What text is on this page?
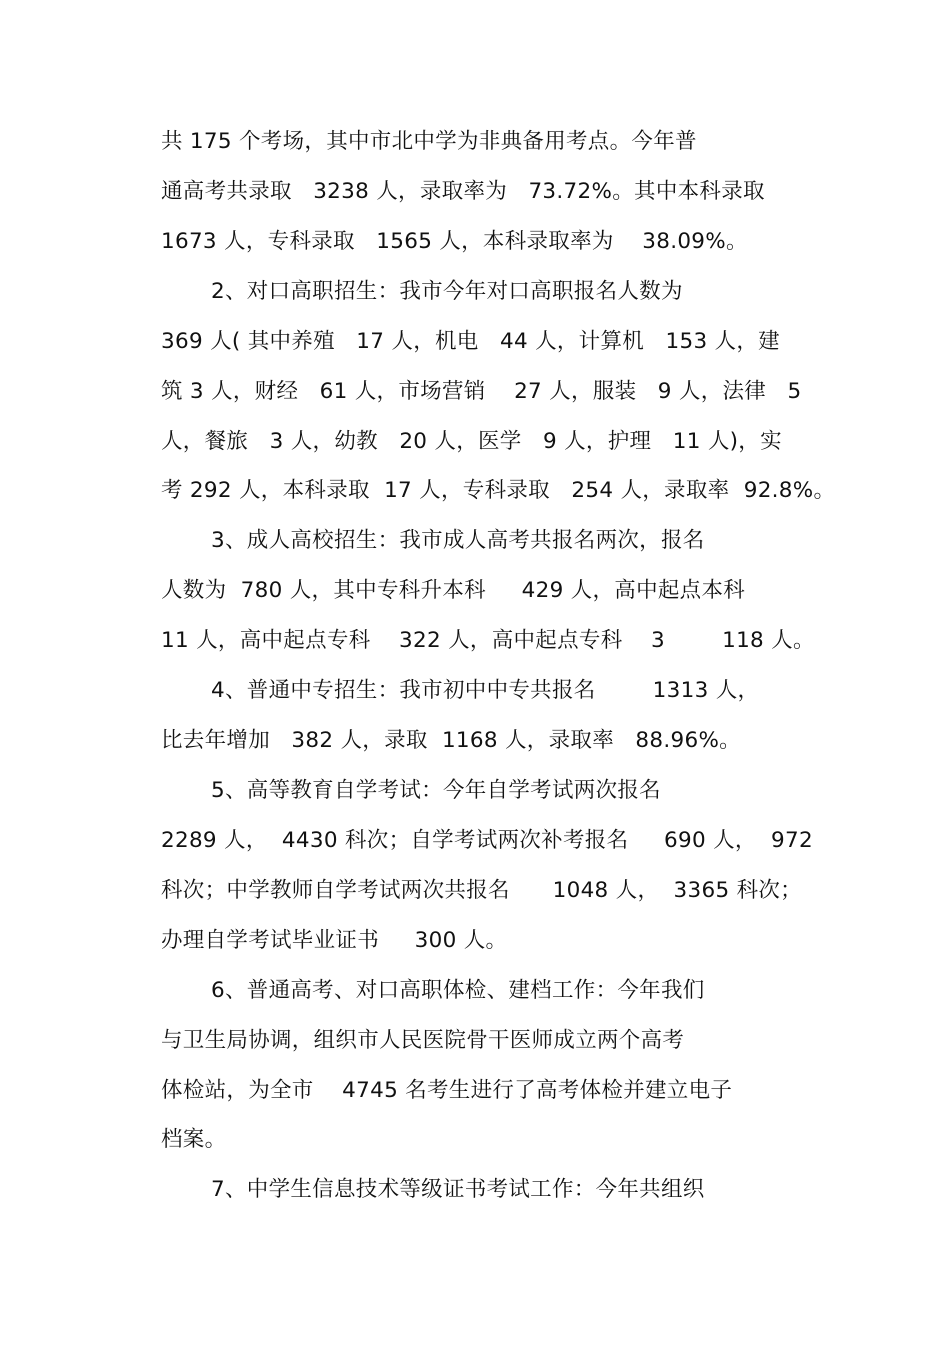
共 175 个考场，其中市北中学为非典备用考点。今年普
通高考共录取   3238 人，录取率为   73.72%。其中本科录取
1673 人，专科录取   1565 人，本科录取率为    38.09%。
2、对口高职招生：我市今年对口高职报名人数为
369 人( 其中养殖   17 人，机电   44 人，计算机   153 人，建
筑 3 人，财经   61 人，市场营销    27 人，服装   9 人，法律   5
人，餐旅   3 人，幼教   20 人，医学   9 人，护理   11 人)，实
考 292 人，本科录取  17 人，专科录取   254 人，录取率  92.8%。
3、成人高校招生：我市成人高考共报名两次，报名
人数为  780 人，其中专科升本科     429 人，高中起点本科
11 人，高中起点专科    322 人，高中起点专科    3        118 人。
4、普通中专招生：我市初中中专共报名        1313 人，
比去年增加   382 人，录取  1168 人，录取率   88.96%。
5、高等教育自学考试：今年自学考试两次报名
2289 人，  4430 科次；自学考试两次补考报名     690 人，  972
科次；中学教师自学考试两次共报名      1048 人，  3365 科次；
办理自学考试毕业证书     300 人。
6、普通高考、对口高职体检、建档工作：今年我们
与卫生局协调，组织市人民医院骨干医师成立两个高考
体检站，为全市    4745 名考生进行了高考体检并建立电子
档案。
7、中学生信息技术等级证书考试工作：今年共组织
